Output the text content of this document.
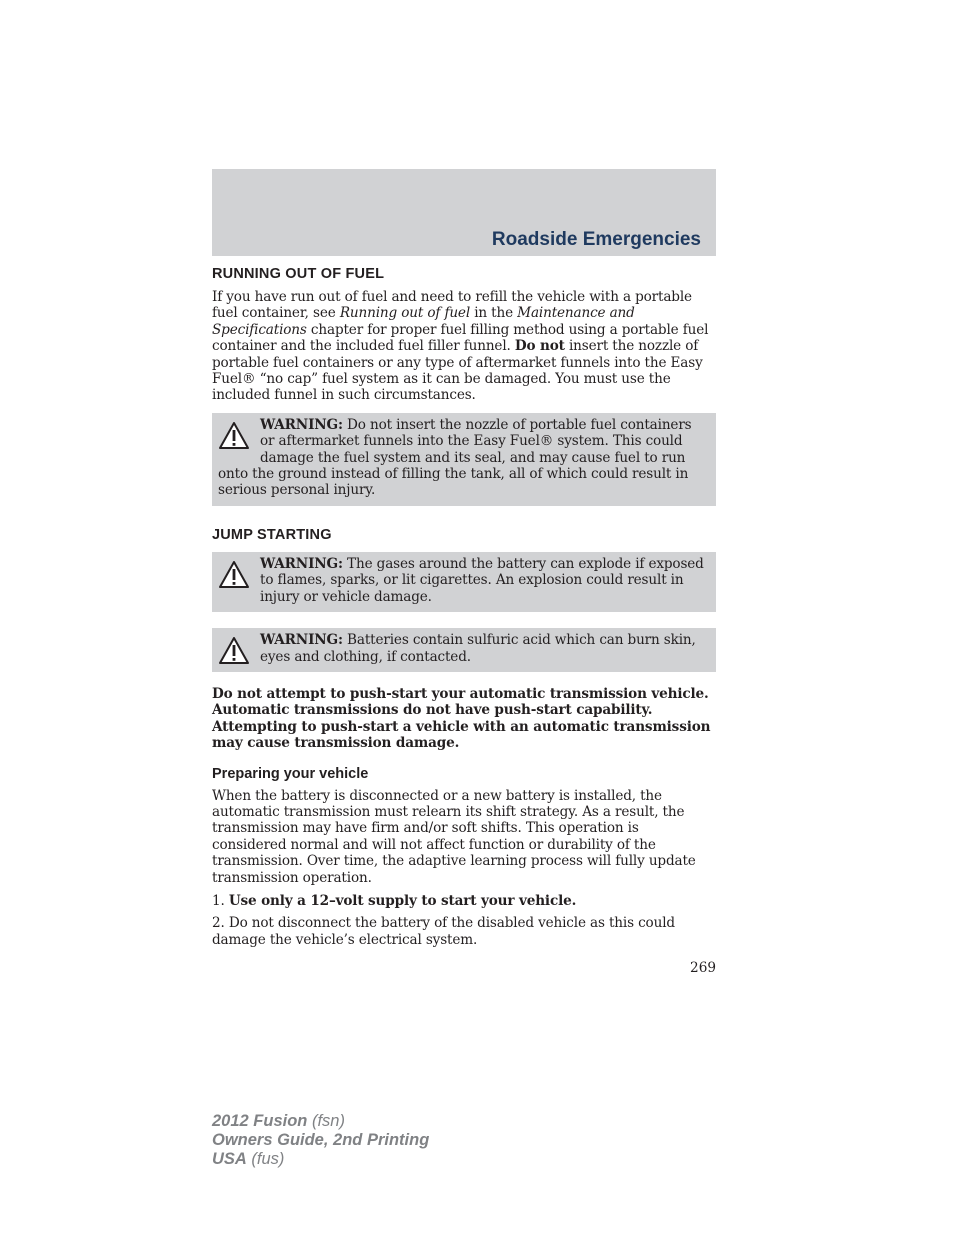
Roadside Emergencies
RUNNING OUT OF FUEL

If you have run out of fuel and need to refill the vehicle with a portable fuel container, see Running out of fuel in the Maintenance and Specifications chapter for proper fuel filling method using a portable fuel container and the included fuel filler funnel. Do not insert the nozzle of portable fuel containers or any type of aftermarket funnels into the Easy Fuel® “no cap” fuel system as it can be damaged. You must use the included funnel in such circumstances.

WARNING: Do not insert the nozzle of portable fuel containers or aftermarket funnels into the Easy Fuel® system. This could damage the fuel system and its seal, and may cause fuel to run onto the ground instead of filling the tank, all of which could result in serious personal injury.
JUMP STARTING
WARNING: The gases around the battery can explode if exposed to flames, sparks, or lit cigarettes. An explosion could result in injury or vehicle damage.
WARNING: Batteries contain sulfuric acid which can burn skin, eyes and clothing, if contacted.

Do not attempt to push-start your automatic transmission vehicle. Automatic transmissions do not have push-start capability. Attempting to push-start a vehicle with an automatic transmission may cause transmission damage.

Preparing your vehicle

When the battery is disconnected or a new battery is installed, the automatic transmission must relearn its shift strategy. As a result, the transmission may have firm and/or soft shifts. This operation is considered normal and will not affect function or durability of the transmission. Over time, the adaptive learning process will fully update transmission operation.

1. Use only a 12–volt supply to start your vehicle.

2. Do not disconnect the battery of the disabled vehicle as this could damage the vehicle’s electrical system.

269
2012 Fusion (fsn)
Owners Guide, 2nd Printing
USA (fus)
